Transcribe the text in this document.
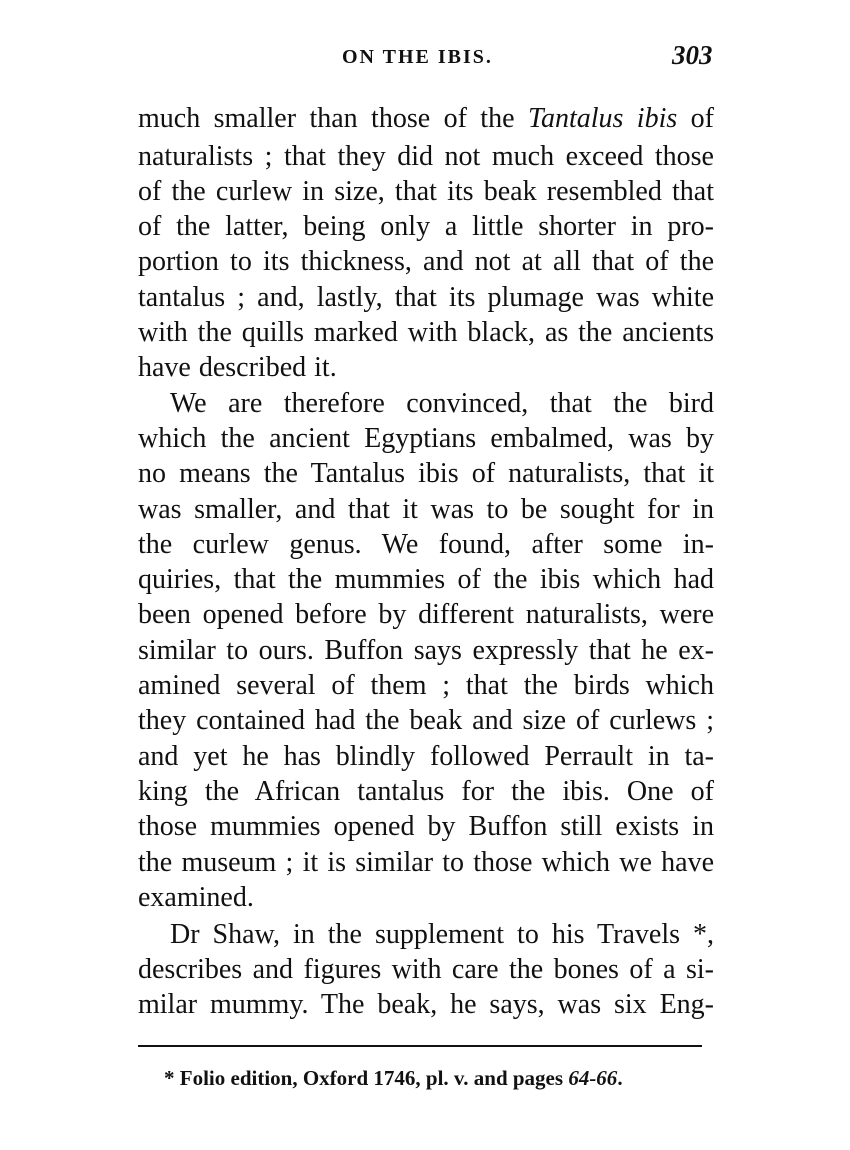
ON THE IBIS.	303
much smaller than those of the Tantalus ibis of
naturalists ; that they did not much exceed those
of the curlew in size, that its beak resembled that
of the latter, being only a little shorter in pro-
portion to its thickness, and not at all that of the
tantalus ; and, lastly, that its plumage was white
with the quills marked with black, as the ancients
have described it.
We are therefore convinced, that the bird
which the ancient Egyptians embalmed, was by
no means the Tantalus ibis of naturalists, that it
was smaller, and that it was to be sought for in
the curlew genus. We found, after some in-
quiries, that the mummies of the ibis which had
been opened before by different naturalists, were
similar to ours. Buffon says expressly that he ex-
amined several of them ; that the birds which
they contained had the beak and size of curlews ;
and yet he has blindly followed Perrault in ta-
king the African tantalus for the ibis. One of
those mummies opened by Buffon still exists in
the museum ; it is similar to those which we have
examined.
Dr Shaw, in the supplement to his Travels *,
describes and figures with care the bones of a si-
milar mummy. The beak, he says, was six Eng-
* Folio edition, Oxford 1746, pl. v. and pages 64-66.
